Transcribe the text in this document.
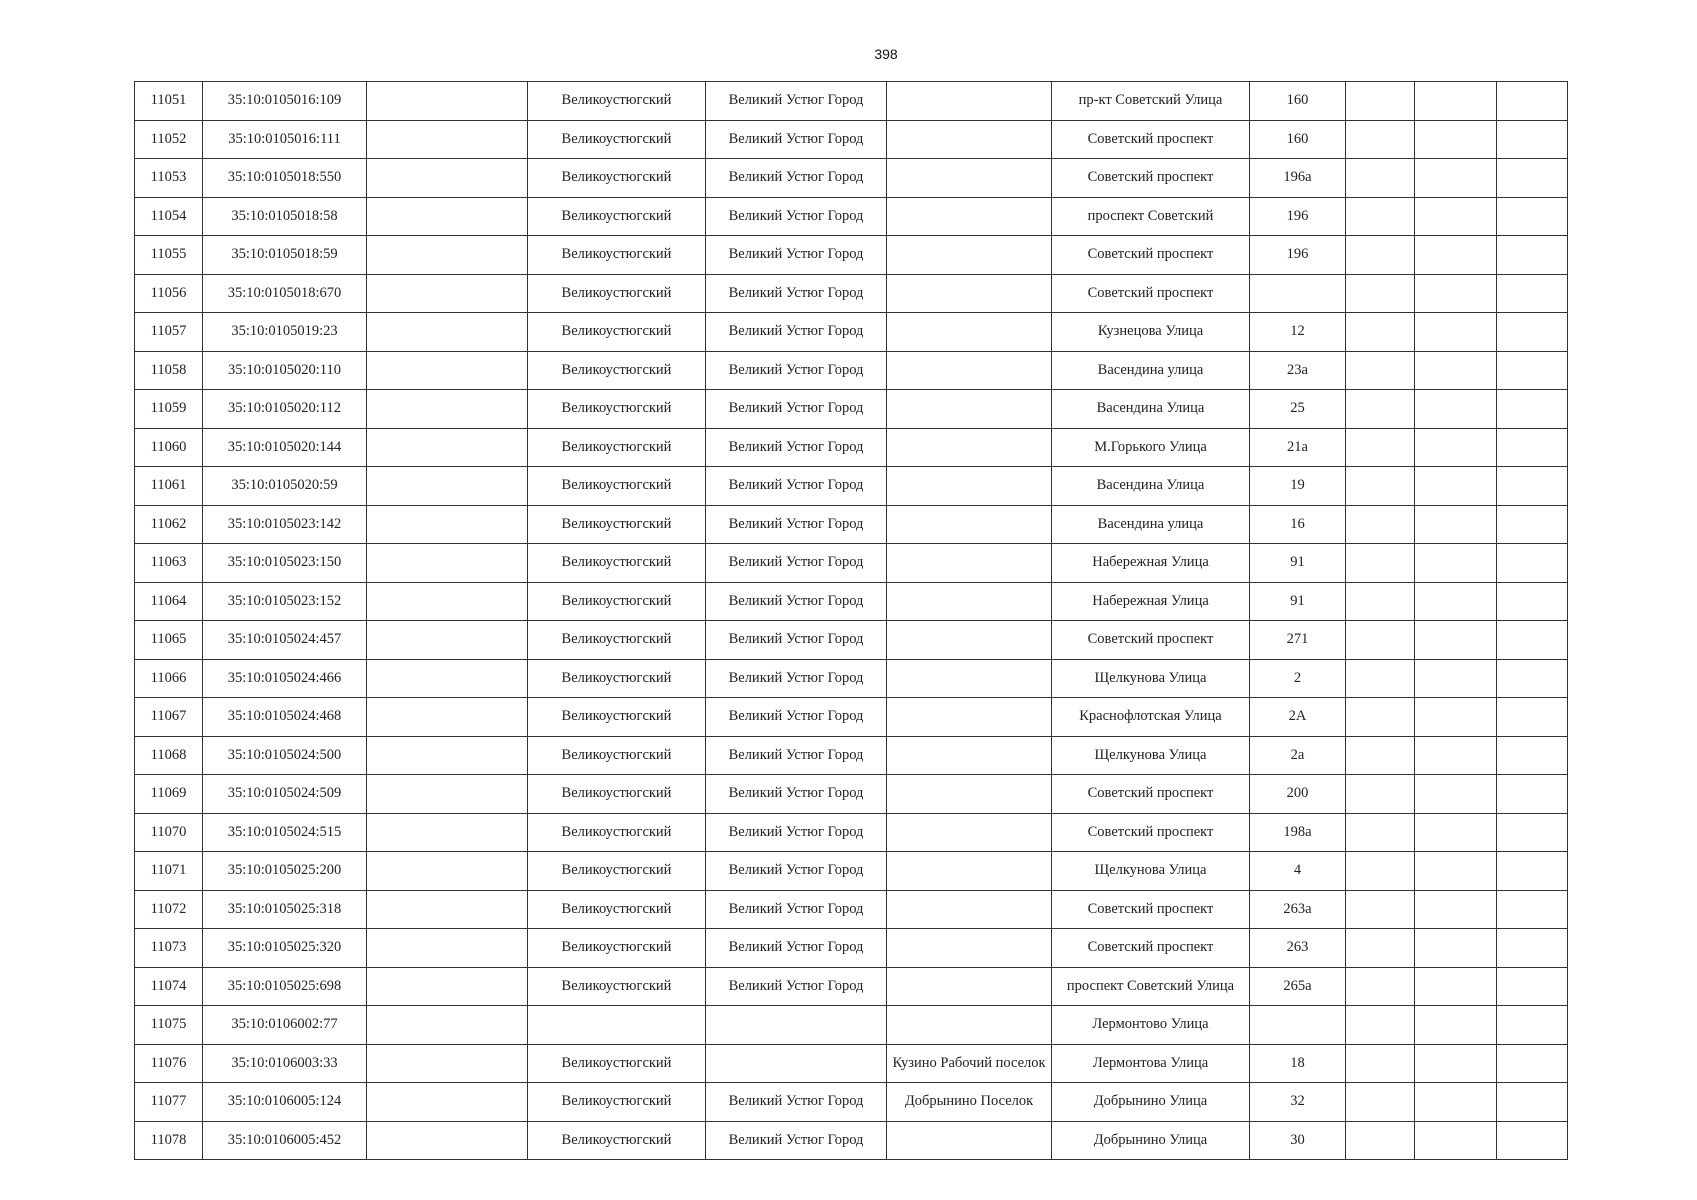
398
11051	35:10:0105016:109		Великоустюгский	Великий Устюг Город		пр-кт Советский Улица	160			
11052	35:10:0105016:111		Великоустюгский	Великий Устюг Город		Советский проспект	160			
11053	35:10:0105018:550		Великоустюгский	Великий Устюг Город		Советский проспект	196а			
11054	35:10:0105018:58		Великоустюгский	Великий Устюг Город		проспект Советский	196			
11055	35:10:0105018:59		Великоустюгский	Великий Устюг Город		Советский проспект	196			
11056	35:10:0105018:670		Великоустюгский	Великий Устюг Город		Советский проспект				
11057	35:10:0105019:23		Великоустюгский	Великий Устюг Город		Кузнецова Улица	12			
11058	35:10:0105020:110		Великоустюгский	Великий Устюг Город		Васендина улица	23а			
11059	35:10:0105020:112		Великоустюгский	Великий Устюг Город		Васендина Улица	25			
11060	35:10:0105020:144		Великоустюгский	Великий Устюг Город		М.Горького Улица	21а			
11061	35:10:0105020:59		Великоустюгский	Великий Устюг Город		Васендина Улица	19			
11062	35:10:0105023:142		Великоустюгский	Великий Устюг Город		Васендина улица	16			
11063	35:10:0105023:150		Великоустюгский	Великий Устюг Город		Набережная Улица	91			
11064	35:10:0105023:152		Великоустюгский	Великий Устюг Город		Набережная Улица	91			
11065	35:10:0105024:457		Великоустюгский	Великий Устюг Город		Советский проспект	271			
11066	35:10:0105024:466		Великоустюгский	Великий Устюг Город		Щелкунова Улица	2			
11067	35:10:0105024:468		Великоустюгский	Великий Устюг Город		Краснофлотская Улица	2А			
11068	35:10:0105024:500		Великоустюгский	Великий Устюг Город		Щелкунова Улица	2а			
11069	35:10:0105024:509		Великоустюгский	Великий Устюг Город		Советский проспект	200			
11070	35:10:0105024:515		Великоустюгский	Великий Устюг Город		Советский проспект	198а			
11071	35:10:0105025:200		Великоустюгский	Великий Устюг Город		Щелкунова Улица	4			
11072	35:10:0105025:318		Великоустюгский	Великий Устюг Город		Советский проспект	263а			
11073	35:10:0105025:320		Великоустюгский	Великий Устюг Город		Советский проспект	263			
11074	35:10:0105025:698		Великоустюгский	Великий Устюг Город		проспект Советский Улица	265а			
11075	35:10:0106002:77					Лермонтово Улица				
11076	35:10:0106003:33		Великоустюгский		Кузино Рабочий поселок	Лермонтова Улица	18			
11077	35:10:0106005:124		Великоустюгский	Великий Устюг Город	Добрынино Поселок	Добрынино Улица	32			
11078	35:10:0106005:452		Великоустюгский	Великий Устюг Город		Добрынино Улица	30			
